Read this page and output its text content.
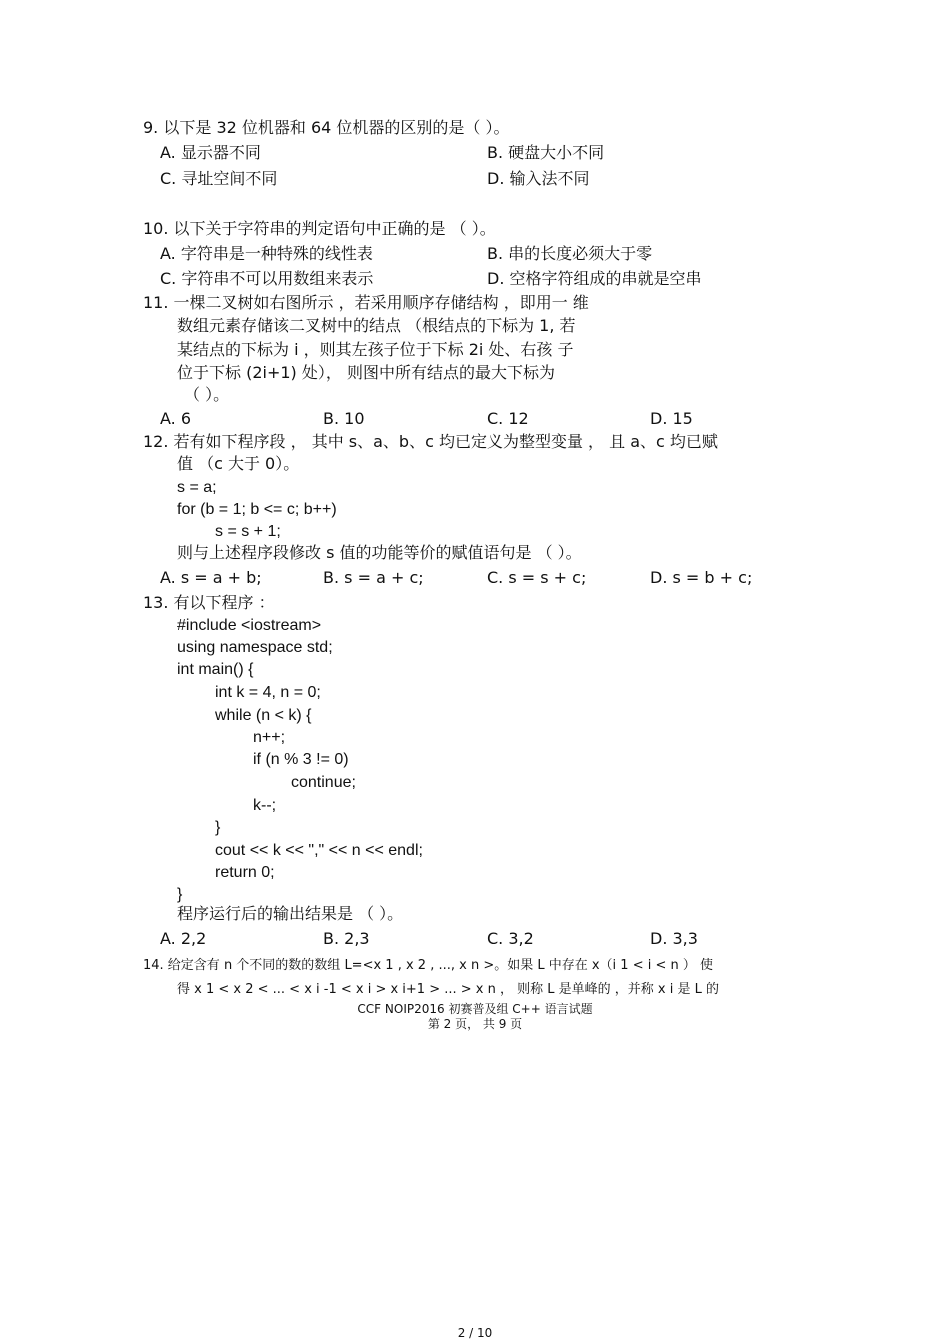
9. 以下是 32 位机器和 64 位机器的区别的是（ ）。
A. 显示器不同	B. 硬盘大小不同
C. 寻址空间不同	D. 输入法不同
10. 以下关于字符串的判定语句中正确的是 （ ）。
A. 字符串是一种特殊的线性表	B. 串的长度必须大于零
C. 字符串不可以用数组来表示	D. 空格字符组成的串就是空串
11. 一棵二叉树如右图所示 ，若采用顺序存储结构 ，即用一 维
数组元素存储该二叉树中的结点 （根结点的下标为 1, 若
某结点的下标为 i ，则其左孩子位于下标 2i 处、右孩 子
位于下标 (2i+1) 处）， 则图中所有结点的最大下标为
（ ）。
A. 6	B. 10	C. 12	D. 15
12. 若有如下程序段 ， 其中 s、a、b、c 均已定义为整型变量 ， 且 a、c 均已赋
值 （c 大于 0）。
s = a;
for (b = 1; b <= c; b++)
s = s + 1;
则与上述程序段修改 s 值的功能等价的赋值语句是 （ ）。
A. s = a + b;	B. s = a + c;	C. s = s + c;	D. s = b + c;
13. 有以下程序 ：
#include <iostream>
using namespace std;
int main() {
int k = 4, n = 0;
while (n < k) {
n++;
if (n % 3 != 0)
continue;
k--;
}
cout << k << "," << n << endl;
return 0;
}
程序运行后的输出结果是 （ ）。
A. 2,2	B. 2,3	C. 3,2	D. 3,3
14. 给定含有 n 个不同的数的数组 L=<x 1 , x 2 , ..., x n >。如果 L 中存在 x（i 1 < i < n ） 使
得 x 1 < x 2 < ... < x i -1 < x i > x i+1 > ... > x n ， 则称 L 是单峰的 ，并称 x i 是 L 的
CCF NOIP2016 初赛普及组 C++ 语言试题
第 2 页， 共 9 页
2 / 10
